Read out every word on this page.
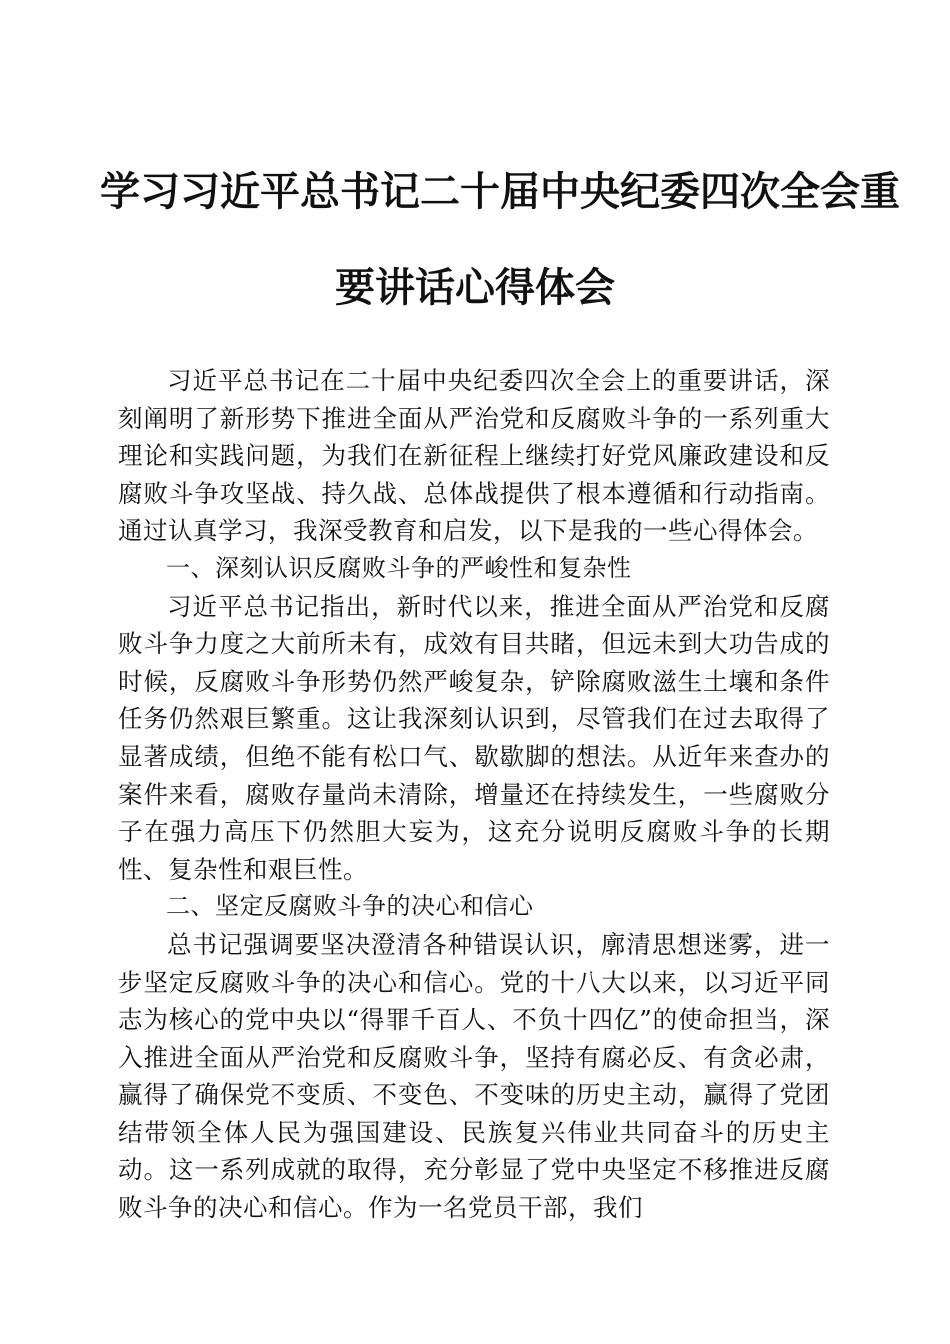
学习习近平总书记二十届中央纪委四次全会重
要讲话心得体会

习近平总书记在二十届中央纪委四次全会上的重要讲话，深刻阐明了新形势下推进全面从严治党和反腐败斗争的一系列重大理论和实践问题，为我们在新征程上继续打好党风廉政建设和反腐败斗争攻坚战、持久战、总体战提供了根本遵循和行动指南。通过认真学习，我深受教育和启发，以下是我的一些心得体会。

一、深刻认识反腐败斗争的严峻性和复杂性

习近平总书记指出，新时代以来，推进全面从严治党和反腐败斗争力度之大前所未有，成效有目共睹，但远未到大功告成的时候，反腐败斗争形势仍然严峻复杂，铲除腐败滋生土壤和条件任务仍然艰巨繁重。这让我深刻认识到，尽管我们在过去取得了显著成绩，但绝不能有松口气、歇歇脚的想法。从近年来查办的案件来看，腐败存量尚未清除，增量还在持续发生，一些腐败分子在强力高压下仍然胆大妄为，这充分说明反腐败斗争的长期性、复杂性和艰巨性。

二、坚定反腐败斗争的决心和信心

总书记强调要坚决澄清各种错误认识，廓清思想迷雾，进一步坚定反腐败斗争的决心和信心。党的十八大以来，以习近平同志为核心的党中央以“得罪千百人、不负十四亿”的使命担当，深入推进全面从严治党和反腐败斗争，坚持有腐必反、有贪必肃，赢得了确保党不变质、不变色、不变味的历史主动，赢得了党团结带领全体人民为强国建设、民族复兴伟业共同奋斗的历史主动。这一系列成就的取得，充分彰显了党中央坚定不移推进反腐败斗争的决心和信心。作为一名党员干部，我们
